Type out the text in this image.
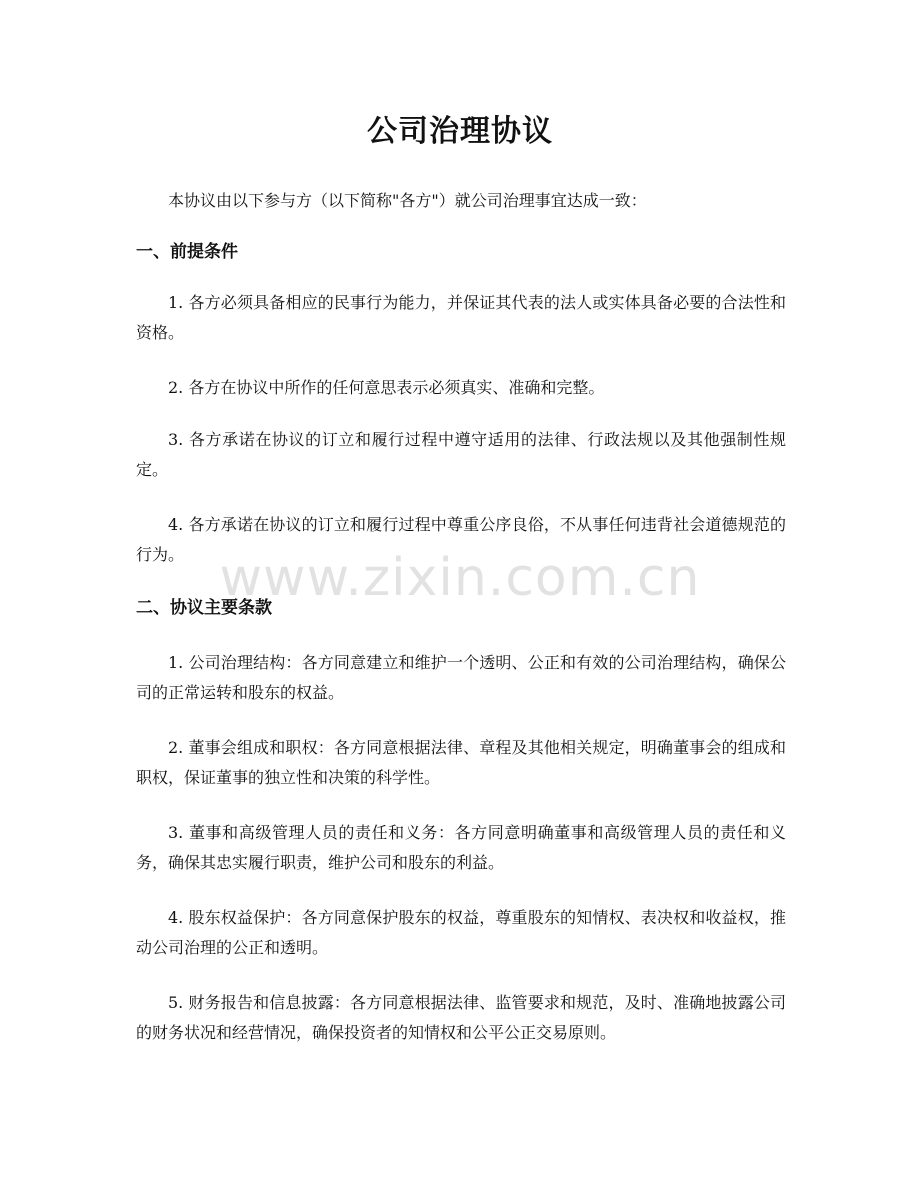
公司治理协议

本协议由以下参与方（以下简称"各方"）就公司治理事宜达成一致：

一、前提条件

1. 各方必须具备相应的民事行为能力，并保证其代表的法人或实体具备必要的合法性和资格。

2. 各方在协议中所作的任何意思表示必须真实、准确和完整。

3. 各方承诺在协议的订立和履行过程中遵守适用的法律、行政法规以及其他强制性规定。

4. 各方承诺在协议的订立和履行过程中尊重公序良俗，不从事任何违背社会道德规范的行为。

二、协议主要条款

1. 公司治理结构：各方同意建立和维护一个透明、公正和有效的公司治理结构，确保公司的正常运转和股东的权益。

2. 董事会组成和职权：各方同意根据法律、章程及其他相关规定，明确董事会的组成和职权，保证董事的独立性和决策的科学性。

3. 董事和高级管理人员的责任和义务：各方同意明确董事和高级管理人员的责任和义务，确保其忠实履行职责，维护公司和股东的利益。

4. 股东权益保护：各方同意保护股东的权益，尊重股东的知情权、表决权和收益权，推动公司治理的公正和透明。

5. 财务报告和信息披露：各方同意根据法律、监管要求和规范，及时、准确地披露公司的财务状况和经营情况，确保投资者的知情权和公平公正交易原则。

www.zixin.com.cn
